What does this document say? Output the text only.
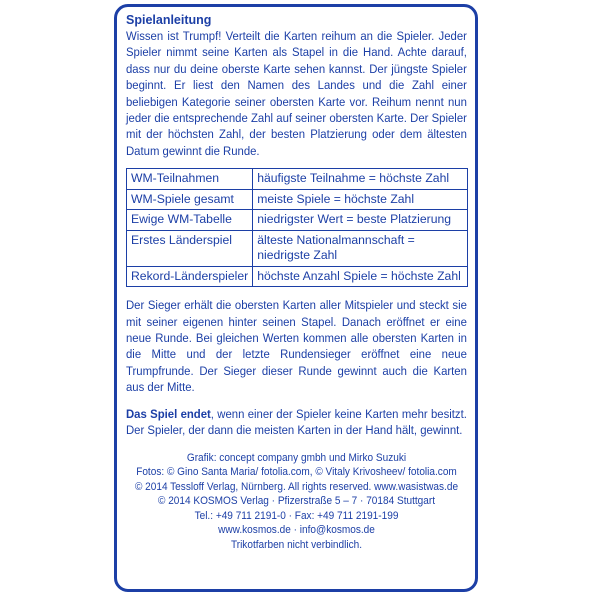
Spielanleitung

Wissen ist Trumpf! Verteilt die Karten reihum an die Spieler. Jeder Spieler nimmt seine Karten als Stapel in die Hand. Achte darauf, dass nur du deine oberste Karte sehen kannst. Der jüngste Spieler beginnt. Er liest den Namen des Landes und die Zahl einer beliebigen Kategorie seiner obersten Karte vor. Reihum nennt nun jeder die entsprechende Zahl auf seiner obersten Karte. Der Spieler mit der höchsten Zahl, der besten Platzierung oder dem ältesten Datum gewinnt die Runde.

WM-Teilnahmen	häufigste Teilnahme = höchste Zahl
WM-Spiele gesamt	meiste Spiele = höchste Zahl
Ewige WM-Tabelle	niedrigster Wert = beste Platzierung
Erstes Länderspiel	älteste Nationalmannschaft = niedrigste Zahl
Rekord-Länderspieler	höchste Anzahl Spiele = höchste Zahl

Der Sieger erhält die obersten Karten aller Mitspieler und steckt sie mit seiner eigenen hinter seinen Stapel. Danach eröffnet er eine neue Runde. Bei gleichen Werten kommen alle obersten Karten in die Mitte und der letzte Rundensieger eröffnet eine neue Trumpfrunde. Der Sieger dieser Runde gewinnt auch die Karten aus der Mitte.

Das Spiel endet, wenn einer der Spieler keine Karten mehr besitzt. Der Spieler, der dann die meisten Karten in der Hand hält, gewinnt.

Grafik: concept company gmbh und Mirko Suzuki
Fotos: © Gino Santa Maria/ fotolia.com, © Vitaly Krivosheev/ fotolia.com
© 2014 Tessloff Verlag, Nürnberg. All rights reserved. www.wasistwas.de
© 2014 KOSMOS Verlag · Pfizerstraße 5 – 7 · 70184 Stuttgart
Tel.: +49 711 2191-0 · Fax: +49 711 2191-199
www.kosmos.de · info@kosmos.de
Trikotfarben nicht verbindlich.
